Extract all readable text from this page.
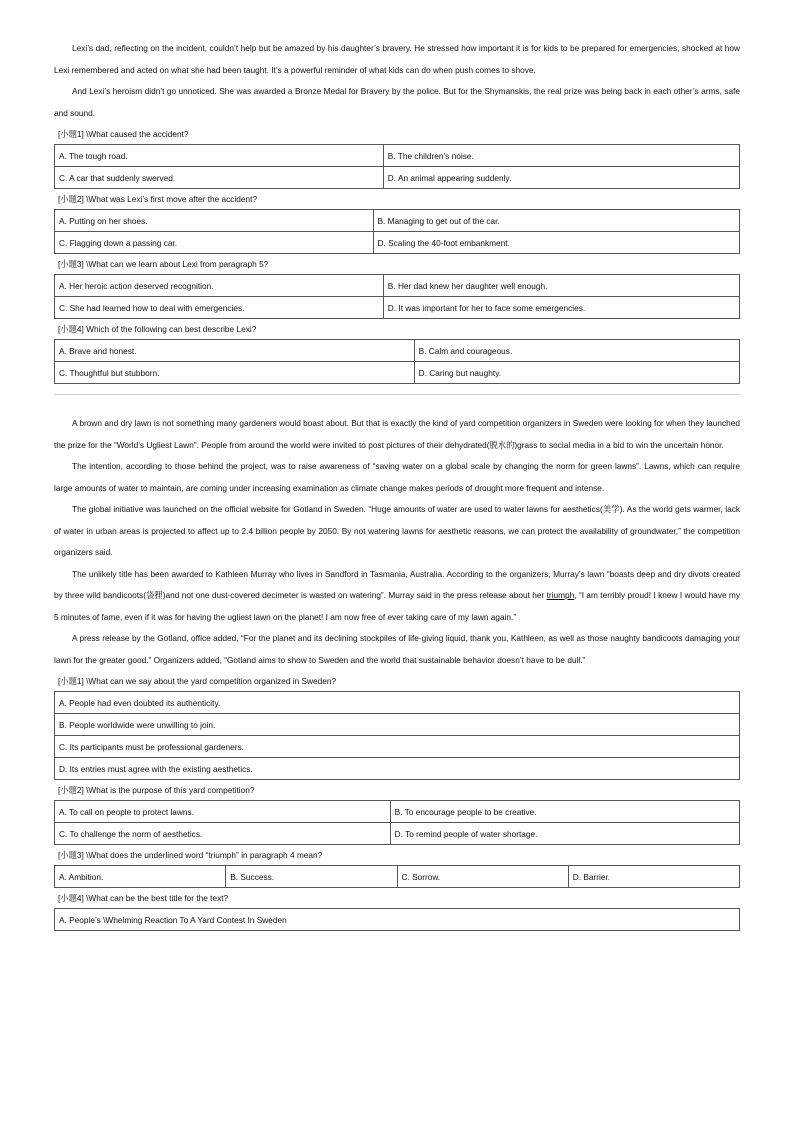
Lexi’s dad, reflecting on the incident, couldn’t help but be amazed by his daughter’s bravery. He stressed how important it is for kids to be prepared for emergencies, shocked at how Lexi remembered and acted on what she had been taught. It’s a powerful reminder of what kids can do when push comes to shove.

And Lexi’s heroism didn’t go unnoticed. She was awarded a Bronze Medal for Bravery by the police. But for the Shymanskis, the real prize was being back in each other’s arms, safe and sound.

[小题1] \What caused the accident?

A. The tough road.	B. The children’s noise.
C. A car that suddenly swerved.	D. An animal appearing suddenly.

[小题2] \What was Lexi’s first move after the accident?

A. Putting on her shoes.	B. Managing to get out of the car.
C. Flagging down a passing car.	D. Scaling the 40-foot embankment.

[小题3] \What can we learn about Lexi from paragraph 5?

A. Her heroic action deserved recognition.	B. Her dad knew her daughter well enough.
C. She had learned how to deal with emergencies.	D. It was important for her to face some emergencies.

[小题4] Which of the following can best describe Lexi?

A. Brave and honest.	B. Calm and courageous.
C. Thoughtful but stubborn.	D. Caring but naughty.

A brown and dry lawn is not something many gardeners would boast about. But that is exactly the kind of yard competition organizers in Sweden were looking for when they launched the prize for the “World’s Ugliest Lawn”. People from around the world were invited to post pictures of their dehydrated(脱水的)grass to social media in a bid to win the uncertain honor.

The intention, according to those behind the project, was to raise awareness of “saving water on a global scale by changing the norm for green lawns”. Lawns, which can require large amounts of water to maintain, are coming under increasing examination as climate change makes periods of drought more frequent and intense.

The global initiative was launched on the official website for Gotland in Sweden. “Huge amounts of water are used to water lawns for aesthetics(美学). As the world gets warmer, lack of water in urban areas is projected to affect up to 2.4 billion people by 2050. By not watering lawns for aesthetic reasons, we can protect the availability of groundwater,” the competition organizers said.

The unlikely title has been awarded to Kathleen Murray who lives in Sandford in Tasmania, Australia. According to the organizers, Murray’s lawn “boasts deep and dry divots created by three wild bandicoots(袋狸)and not one dust-covered decimeter is wasted on watering”. Murray said in the press release about her triumph, “I am terribly proud! I knew I would have my 5 minutes of fame, even if it was for having the ugliest lawn on the planet! I am now free of ever taking care of my lawn again.”

A press release by the Gotland, office added, “For the planet and its declining stockpiles of life-giving liquid, thank you, Kathleen, as well as those naughty bandicoots damaging your lawn for the greater good.” Organizers added, “Gotland aims to show to Sweden and the world that sustainable behavior doesn’t have to be dull.”

[小题1] \What can we say about the yard competition organized in Sweden?

A. People had even doubted its authenticity.
B. People worldwide were unwilling to join.
C. Its participants must be professional gardeners.
D. Its entries must agree with the existing aesthetics.

[小题2] \What is the purpose of this yard competition?

A. To call on people to protect lawns.	B. To encourage people to be creative.
C. To challenge the norm of aesthetics.	D. To remind people of water shortage.

[小题3] \What does the underlined word “triumph” in paragraph 4 mean?

A. Ambition.	B. Success.	C. Sorrow.	D. Barrier.

[小题4] \What can be the best title for the text?

A. People’s \Whelming Reaction To A Yard Contest In Sweden
